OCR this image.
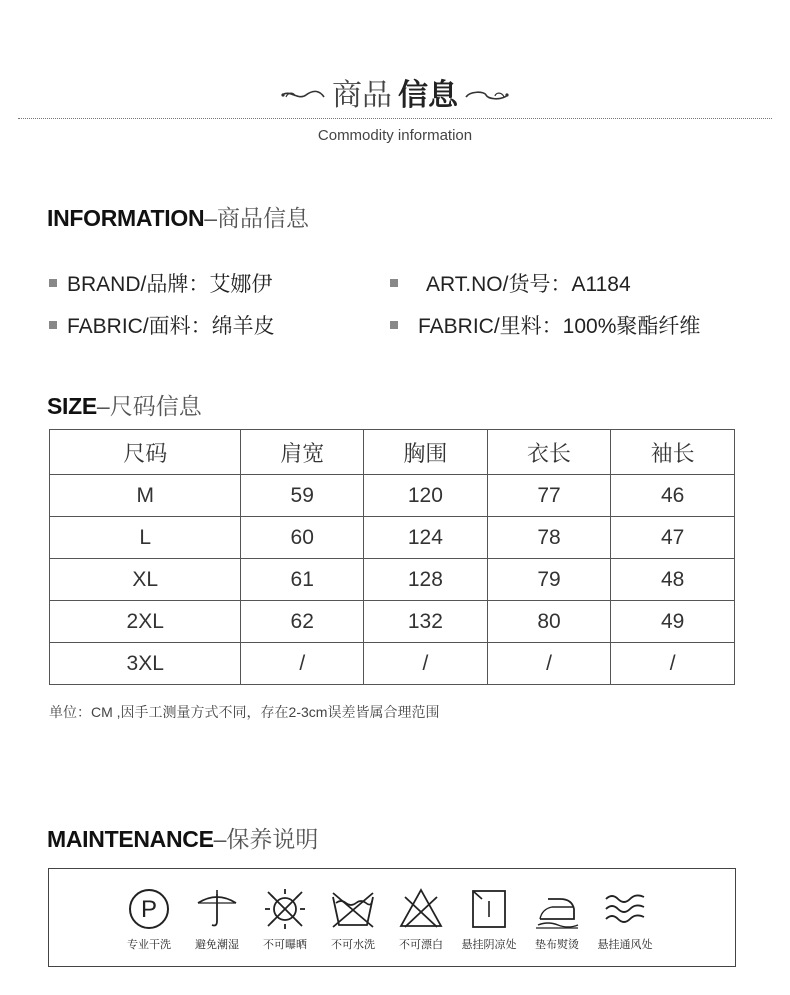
商品 信息
Commodity information
INFORMATION–商品信息
BRAND/品牌：艾娜伊	ART.NO/货号：A1184
FABRIC/面料：绵羊皮	FABRIC/里料：100%聚酯纤维
SIZE–尺码信息
尺码	肩宽	胸围	衣长	袖长
M	59	120	77	46
L	60	124	78	47
XL	61	128	79	48
2XL	62	132	80	49
3XL	/	/	/	/
单位：CM ,因手工测量方式不同，存在2-3cm误差皆属合理范围
MAINTENANCE–保养说明
P
专业干洗	避免潮湿	不可曝晒	不可水洗	不可漂白	悬挂阴凉处	垫布熨烫	悬挂通风处
